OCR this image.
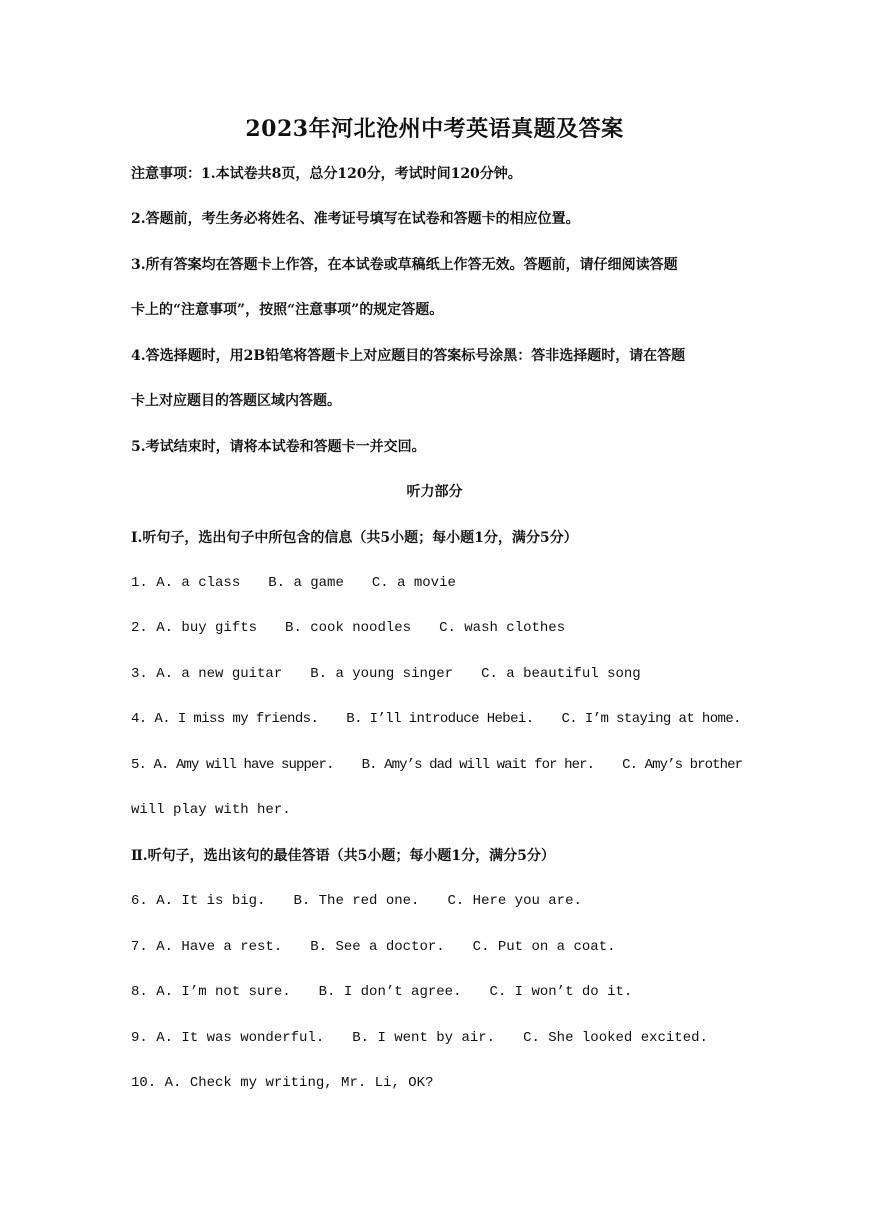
2023年河北沧州中考英语真题及答案
注意事项：1.本试卷共8页，总分120分，考试时间120分钟。
2.答题前，考生务必将姓名、准考证号填写在试卷和答题卡的相应位置。
3.所有答案均在答题卡上作答，在本试卷或草稿纸上作答无效。答题前，请仔细阅读答题
卡上的“注意事项”，按照“注意事项”的规定答题。
4.答选择题时，用2B铅笔将答题卡上对应题目的答案标号涂黑：答非选择题时，请在答题
卡上对应题目的答题区域内答题。
5.考试结束时，请将本试卷和答题卡一并交回。
听力部分
Ⅰ.听句子，选出句子中所包含的信息（共5小题；每小题1分，满分5分）
1. A. a class B. a game C. a movie
2. A. buy gifts B. cook noodles C. wash clothes
3. A. a new guitar B. a young singer C. a beautiful song
4. A. I miss my friends. B. I’ll introduce Hebei. C. I’m staying at home.
5. A. Amy will have supper. B. Amy’s dad will wait for her. C. Amy’s brother
will play with her.
Ⅱ.听句子，选出该句的最佳答语（共5小题；每小题1分，满分5分）
6. A. It is big. B. The red one. C. Here you are.
7. A. Have a rest. B. See a doctor. C. Put on a coat.
8. A. I’m not sure. B. I don’t agree. C. I won’t do it.
9. A. It was wonderful. B. I went by air. C. She looked excited.
10. A. Check my writing, Mr. Li, OK?
